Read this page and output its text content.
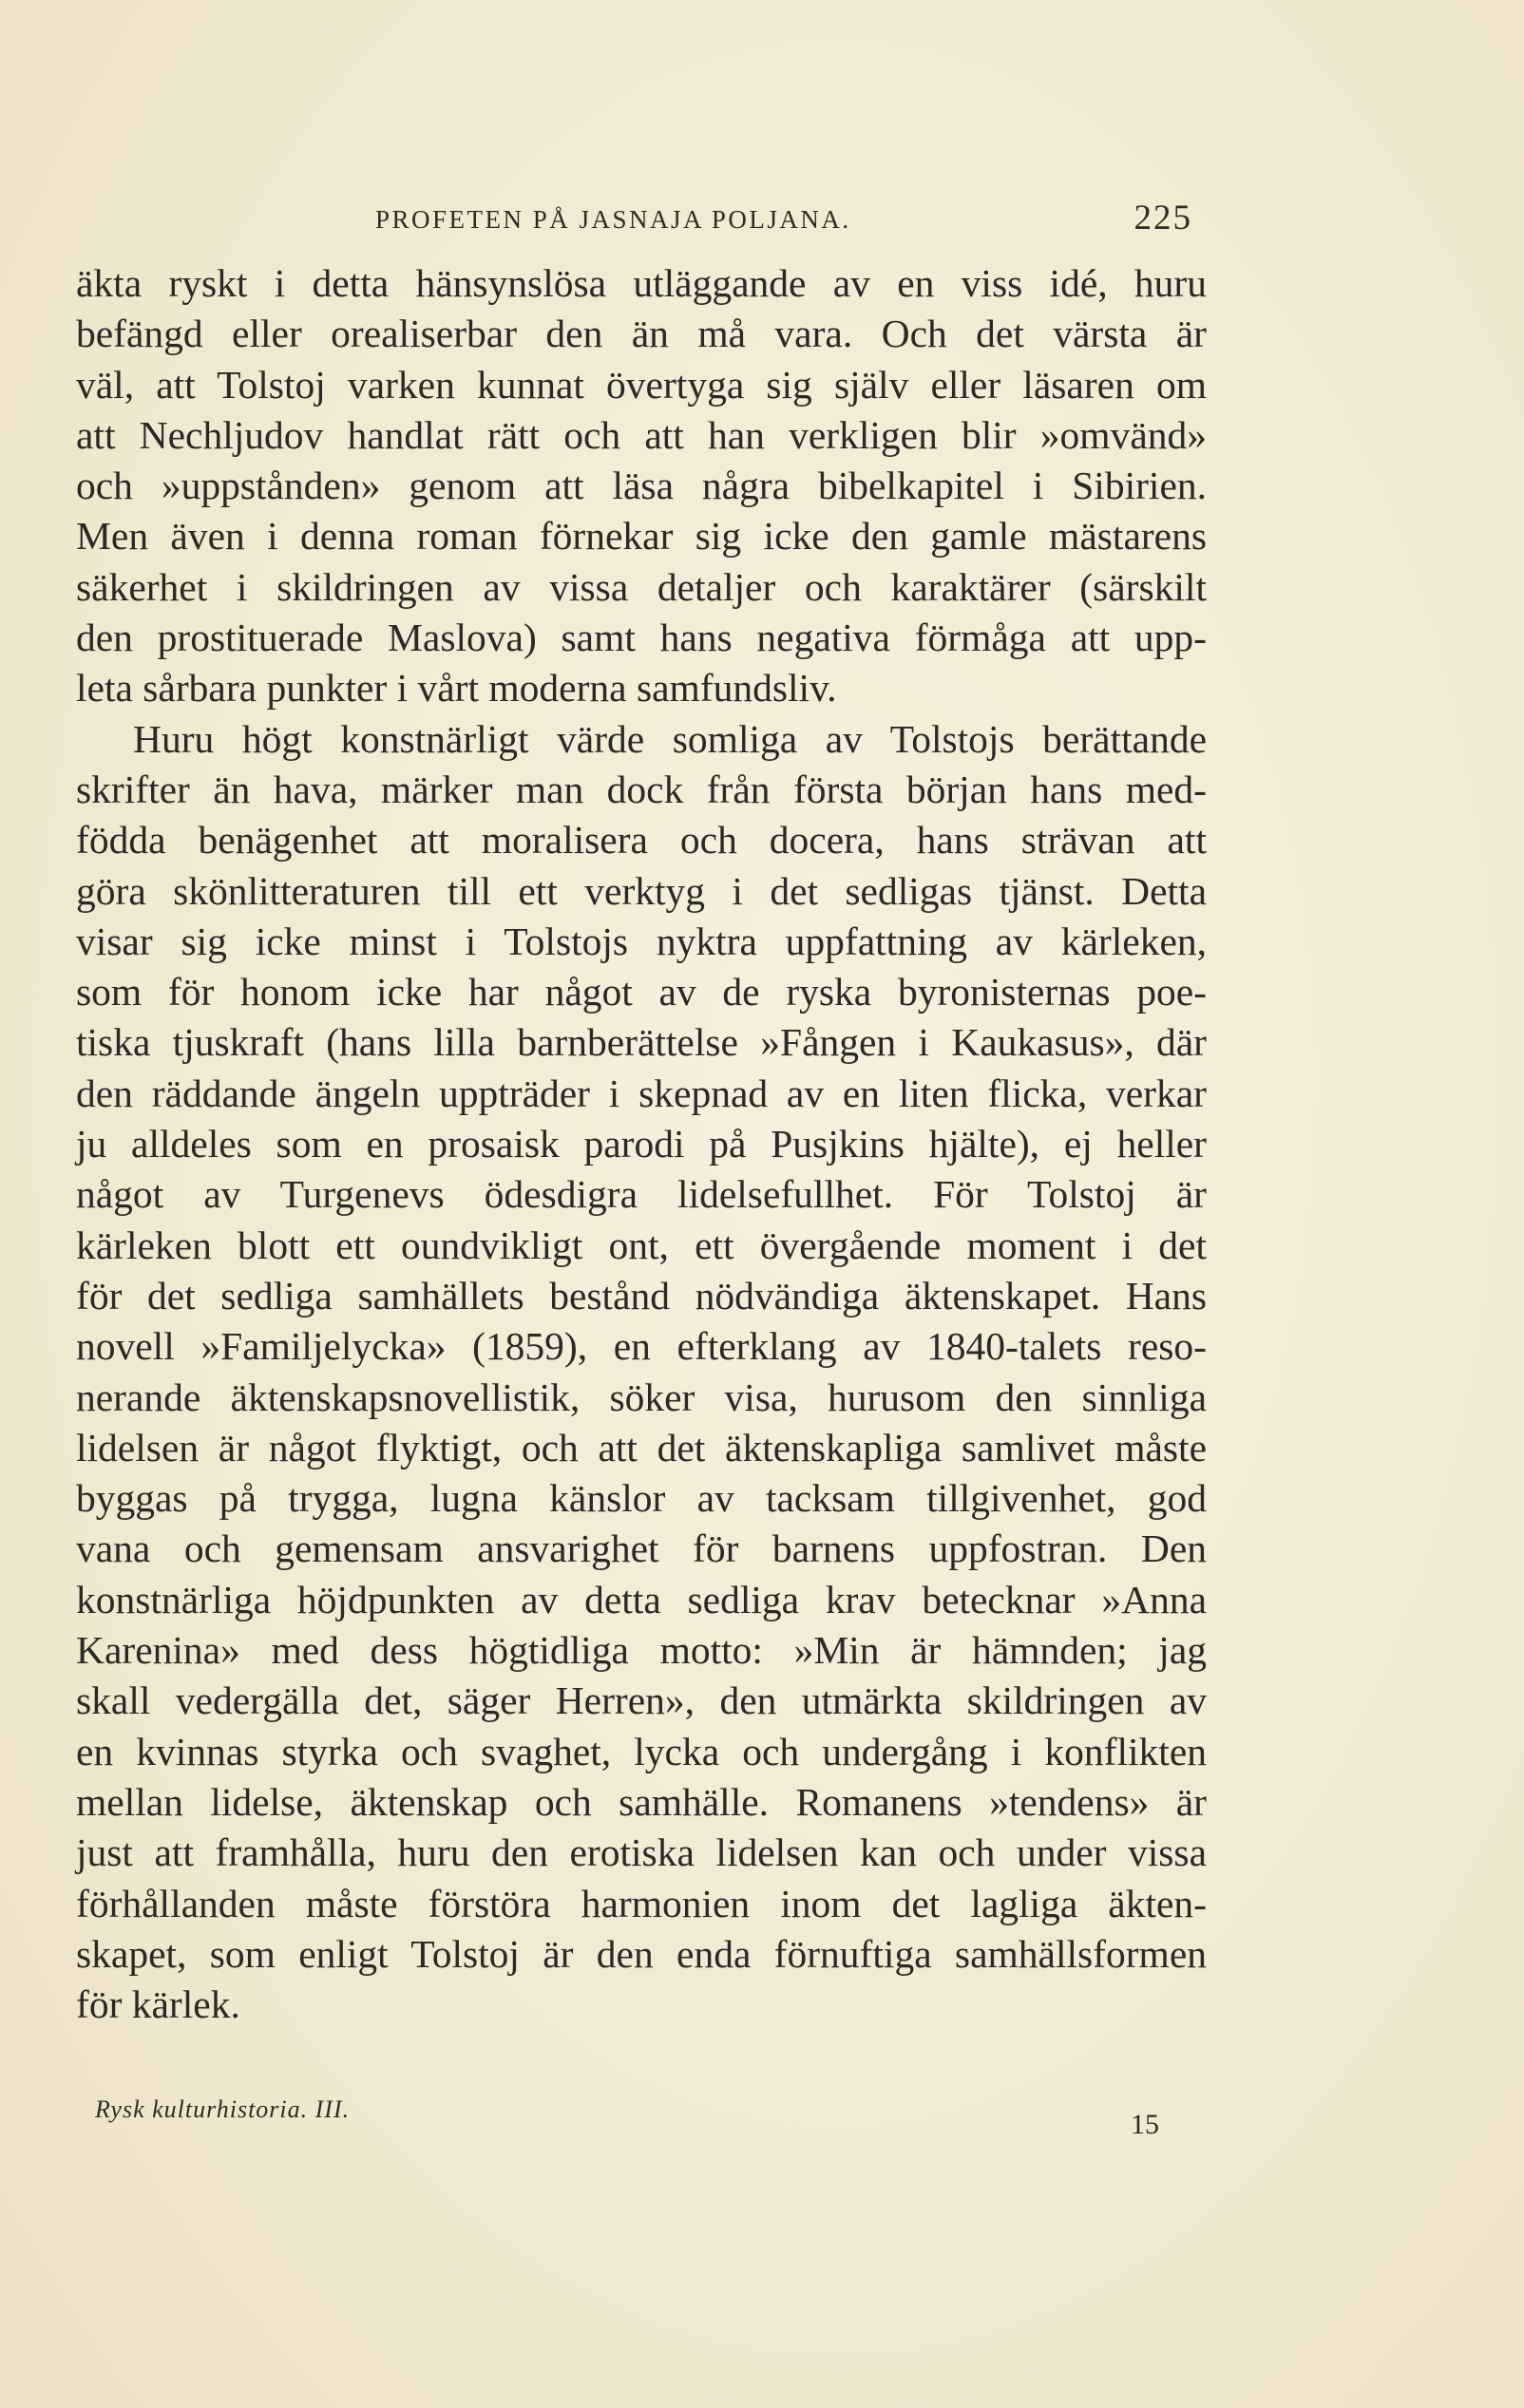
PROFETEN PÅ JASNAJA POLJANA.	225
äkta ryskt i detta hänsynslösa utläggande av en viss idé, huru
befängd eller orealiserbar den än må vara. Och det värsta är
väl, att Tolstoj varken kunnat övertyga sig själv eller läsaren om
att Nechljudov handlat rätt och att han verkligen blir »omvänd»
och »uppstånden» genom att läsa några bibelkapitel i Sibirien.
Men även i denna roman förnekar sig icke den gamle mästarens
säkerhet i skildringen av vissa detaljer och karaktärer (särskilt
den prostituerade Maslova) samt hans negativa förmåga att upp-
leta sårbara punkter i vårt moderna samfundsliv.
Huru högt konstnärligt värde somliga av Tolstojs berättande
skrifter än hava, märker man dock från första början hans med-
födda benägenhet att moralisera och docera, hans strävan att
göra skönlitteraturen till ett verktyg i det sedligas tjänst. Detta
visar sig icke minst i Tolstojs nyktra uppfattning av kärleken,
som för honom icke har något av de ryska byronisternas poe-
tiska tjuskraft (hans lilla barnberättelse »Fången i Kaukasus», där
den räddande ängeln uppträder i skepnad av en liten flicka, verkar
ju alldeles som en prosaisk parodi på Pusjkins hjälte), ej heller
något av Turgenevs ödesdigra lidelsefullhet. För Tolstoj är
kärleken blott ett oundvikligt ont, ett övergående moment i det
för det sedliga samhällets bestånd nödvändiga äktenskapet. Hans
novell »Familjelycka» (1859), en efterklang av 1840-talets reso-
nerande äktenskapsnovellistik, söker visa, hurusom den sinnliga
lidelsen är något flyktigt, och att det äktenskapliga samlivet måste
byggas på trygga, lugna känslor av tacksam tillgivenhet, god
vana och gemensam ansvarighet för barnens uppfostran. Den
konstnärliga höjdpunkten av detta sedliga krav betecknar »Anna
Karenina» med dess högtidliga motto: »Min är hämnden; jag
skall vedergälla det, säger Herren», den utmärkta skildringen av
en kvinnas styrka och svaghet, lycka och undergång i konflikten
mellan lidelse, äktenskap och samhälle. Romanens »tendens» är
just att framhålla, huru den erotiska lidelsen kan och under vissa
förhållanden måste förstöra harmonien inom det lagliga äkten-
skapet, som enligt Tolstoj är den enda förnuftiga samhällsformen
för kärlek.
Rysk kulturhistoria. III.	15
